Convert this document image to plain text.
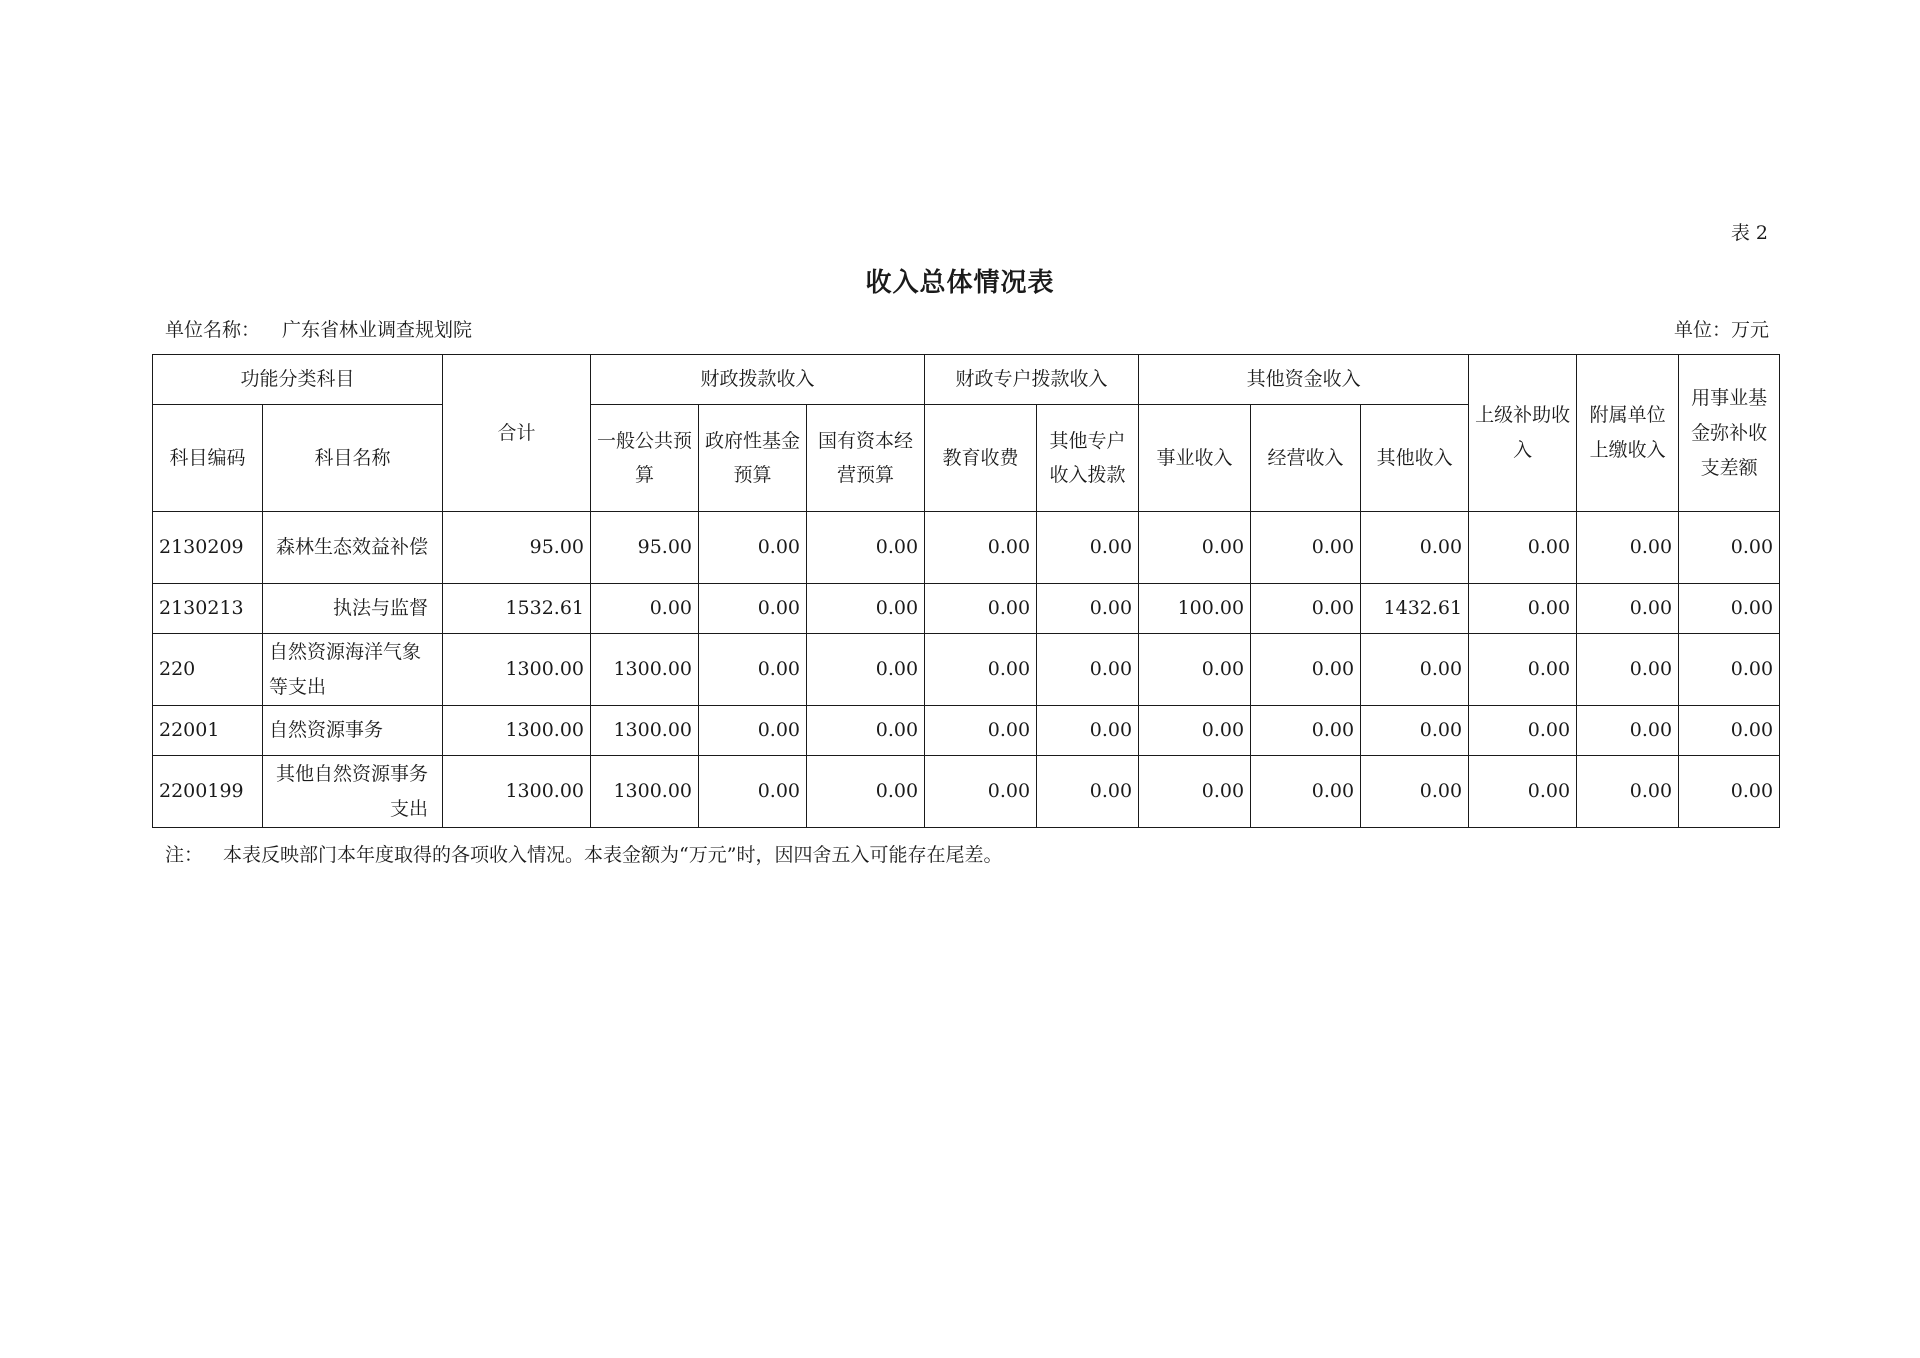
表 2
收入总体情况表
单位名称： 广东省林业调查规划院	单位：万元
功能分类科目		合计	财政拨款收入			财政专户拨款收入		其他资金收入			上级补助收入	附属单位上缴收入	用事业基金弥补收支差额
科目编码	科目名称		一般公共预算	政府性基金预算	国有资本经营预算	教育收费	其他专户收入拨款	事业收入	经营收入	其他收入			
2130209	森林生态效益补偿	95.00	95.00	0.00	0.00	0.00	0.00	0.00	0.00	0.00	0.00	0.00	0.00
2130213	执法与监督	1532.61	0.00	0.00	0.00	0.00	0.00	100.00	0.00	1432.61	0.00	0.00	0.00
220	自然资源海洋气象等支出	1300.00	1300.00	0.00	0.00	0.00	0.00	0.00	0.00	0.00	0.00	0.00	0.00
22001	自然资源事务	1300.00	1300.00	0.00	0.00	0.00	0.00	0.00	0.00	0.00	0.00	0.00	0.00
2200199	其他自然资源事务支出	1300.00	1300.00	0.00	0.00	0.00	0.00	0.00	0.00	0.00	0.00	0.00	0.00
注： 本表反映部门本年度取得的各项收入情况。本表金额为“万元”时，因四舍五入可能存在尾差。
